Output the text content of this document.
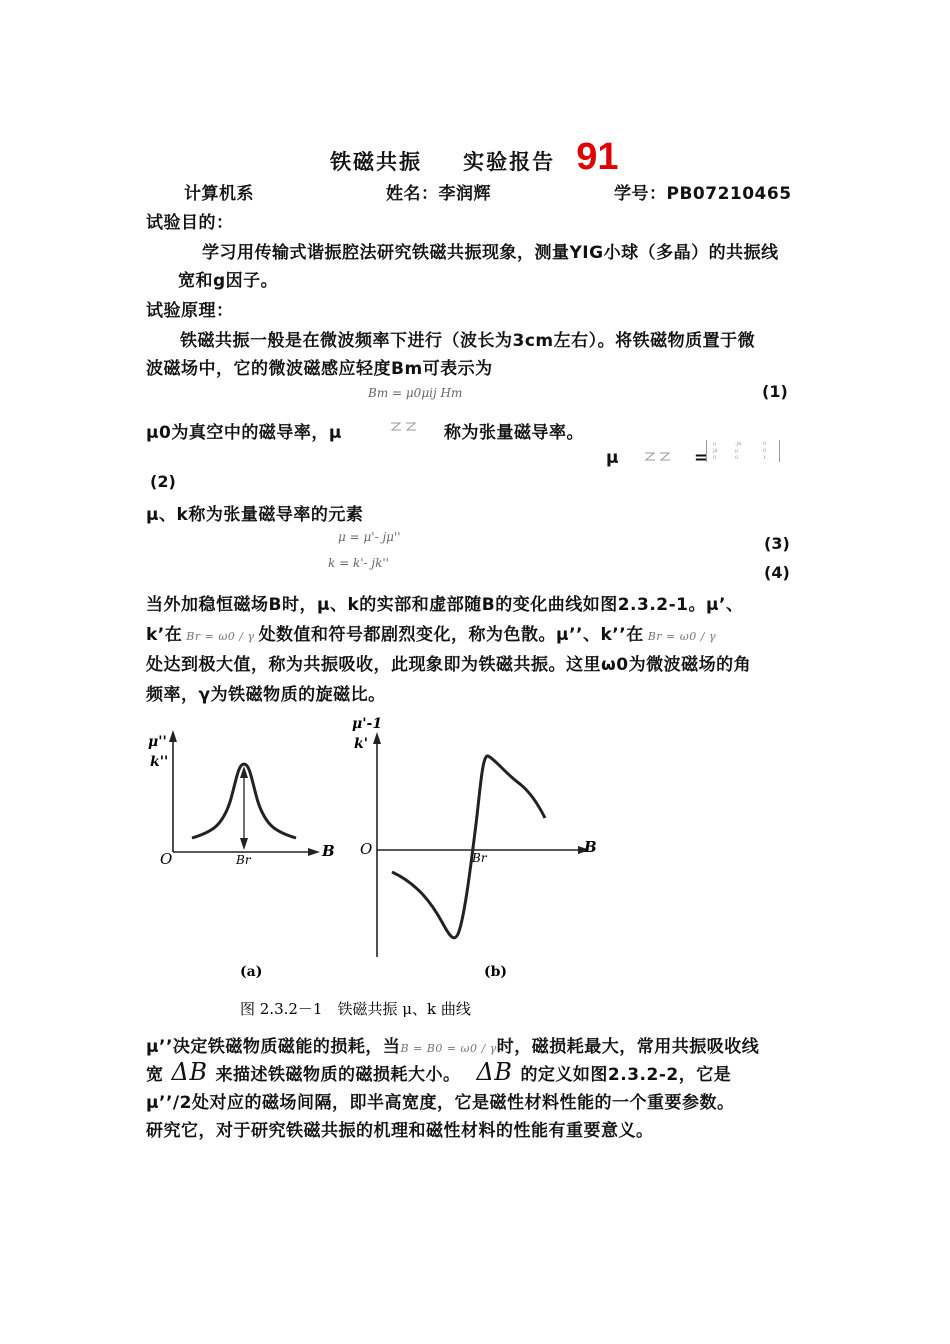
铁磁共振 实验报告 91
计算机系	姓名：李润辉	学号：PB07210465
试验目的：
学习用传输式谐振腔法研究铁磁共振现象，测量YIG小球（多晶）的共振线
宽和g因子。
试验原理：
铁磁共振一般是在微波频率下进行（波长为3cm左右）。将铁磁物质置于微
波磁场中，它的微波磁感应轻度Bm可表示为
Bm = μ0μij Hm	(1)
μ0为真空中的磁导率，μ	称为张量磁导率。
μ	=
μ	-jk	0
jk	μ	0
0	0	1
(2)
μ、k称为张量磁导率的元素
μ = μ'- jμ''	(3)
k = k'- jk''	(4)
当外加稳恒磁场B时，μ、k的实部和虚部随B的变化曲线如图2.3.2-1。μ’、
k’在 Br = ω0 / γ 处数值和符号都剧烈变化，称为色散。μ’’、k’’在 Br = ω0 / γ
处达到极大值，称为共振吸收，此现象即为铁磁共振。这里ω0为微波磁场的角
频率，γ为铁磁物质的旋磁比。
μ''
k''
O	B
Br
μ'-1
k'
O	B
Br
(a)	(b)
图 2.3.2－1　铁磁共振 μ、k 曲线
μ’’决定铁磁物质磁能的损耗，当B = B0 = ω0 / γ时，磁损耗最大，常用共振吸收线
宽 ΔB 来描述铁磁物质的磁损耗大小。 ΔB 的定义如图2.3.2-2，它是
μ’’/2处对应的磁场间隔，即半高宽度，它是磁性材料性能的一个重要参数。
研究它，对于研究铁磁共振的机理和磁性材料的性能有重要意义。
